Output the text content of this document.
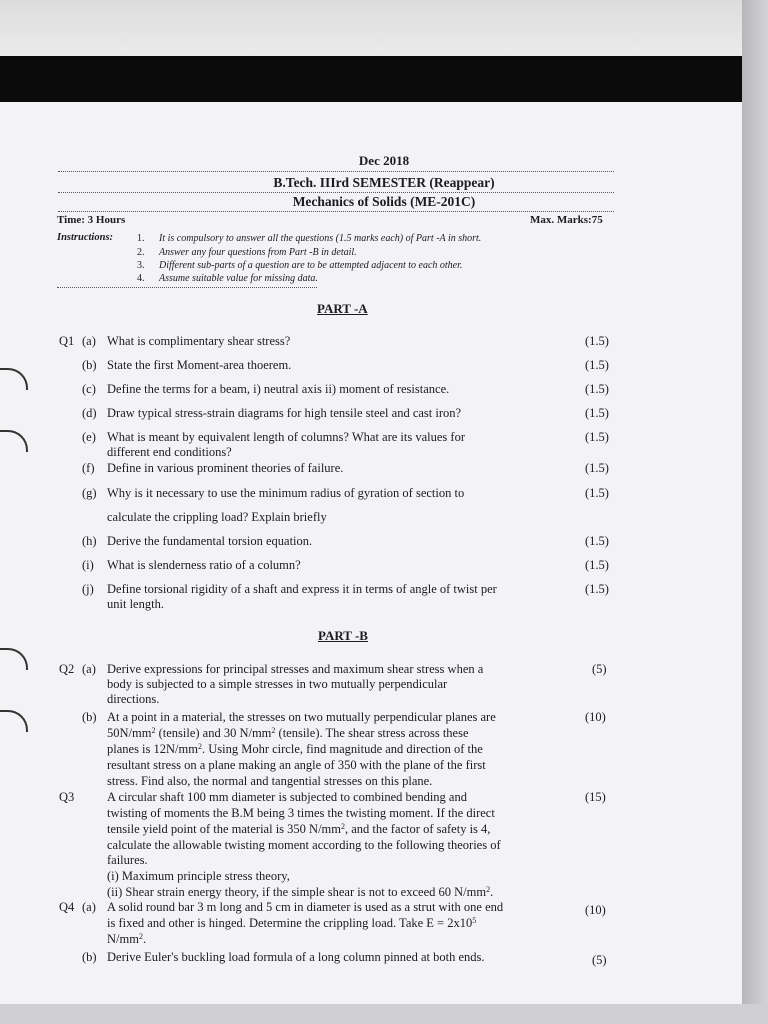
Dec 2018
B.Tech. IIIrd SEMESTER (Reappear)
Mechanics of Solids (ME-201C)
Time: 3 Hours	Max. Marks:75
Instructions: 1. It is compulsory to answer all the questions (1.5 marks each) of Part -A in short.
2. Answer any four questions from Part -B in detail.
3. Different sub-parts of a question are to be attempted adjacent to each other.
4. Assume suitable value for missing data.
PART -A
Q1 (a) What is complimentary shear stress?	(1.5)
(b) State the first Moment-area thoerem.	(1.5)
(c) Define the terms for a beam, i) neutral axis ii) moment of resistance.	(1.5)
(d) Draw typical stress-strain diagrams for high tensile steel and cast iron?	(1.5)
(e) What is meant by equivalent length of columns? What are its values for
different end conditions?
(1.5)
(f) Define in various prominent theories of failure.	(1.5)
(g) Why is it necessary to use the minimum radius of gyration of section to
calculate the crippling load? Explain briefly
(1.5)
(h) Derive the fundamental torsion equation.	(1.5)
(i) What is slenderness ratio of a column?	(1.5)
(j) Define torsional rigidity of a shaft and express it in terms of angle of twist per
unit length.
(1.5)
PART -B
Q2 (a) Derive expressions for principal stresses and maximum shear stress when a
body is subjected to a simple stresses in two mutually perpendicular
directions.
(5)
(b) At a point in a material, the stresses on two mutually perpendicular planes are
$50N/mm^2$ (tensile) and 30 $N/mm^2$ (tensile). The shear stress across these
planes is $12N/mm^2$. Using Mohr circle, find magnitude and direction of the
resultant stress on a plane making an angle of 350 with the plane of the first
stress. Find also, the normal and tangential stresses on this plane.
(10)
Q3	A circular shaft 100 mm diameter is subjected to combined bending and
twisting of moments the B.M being 3 times the twisting moment. If the direct
tensile yield point of the material is 350 $N/mm^2$, and the factor of safety is 4,
calculate the allowable twisting moment according to the following theories of
failures.
(i) Maximum principle stress theory,
(ii) Shear strain energy theory, if the simple shear is not to exceed 60 $N/mm^2$.
(15)
Q4 (a) A solid round bar 3 m long and 5 cm in diameter is used as a strut with one end
is fixed and other is hinged. Determine the crippling load. Take $E = 2x10^5$
$N/mm^2$.
(10)
(b) Derive Euler's buckling load formula of a long column pinned at both ends.	(5)
